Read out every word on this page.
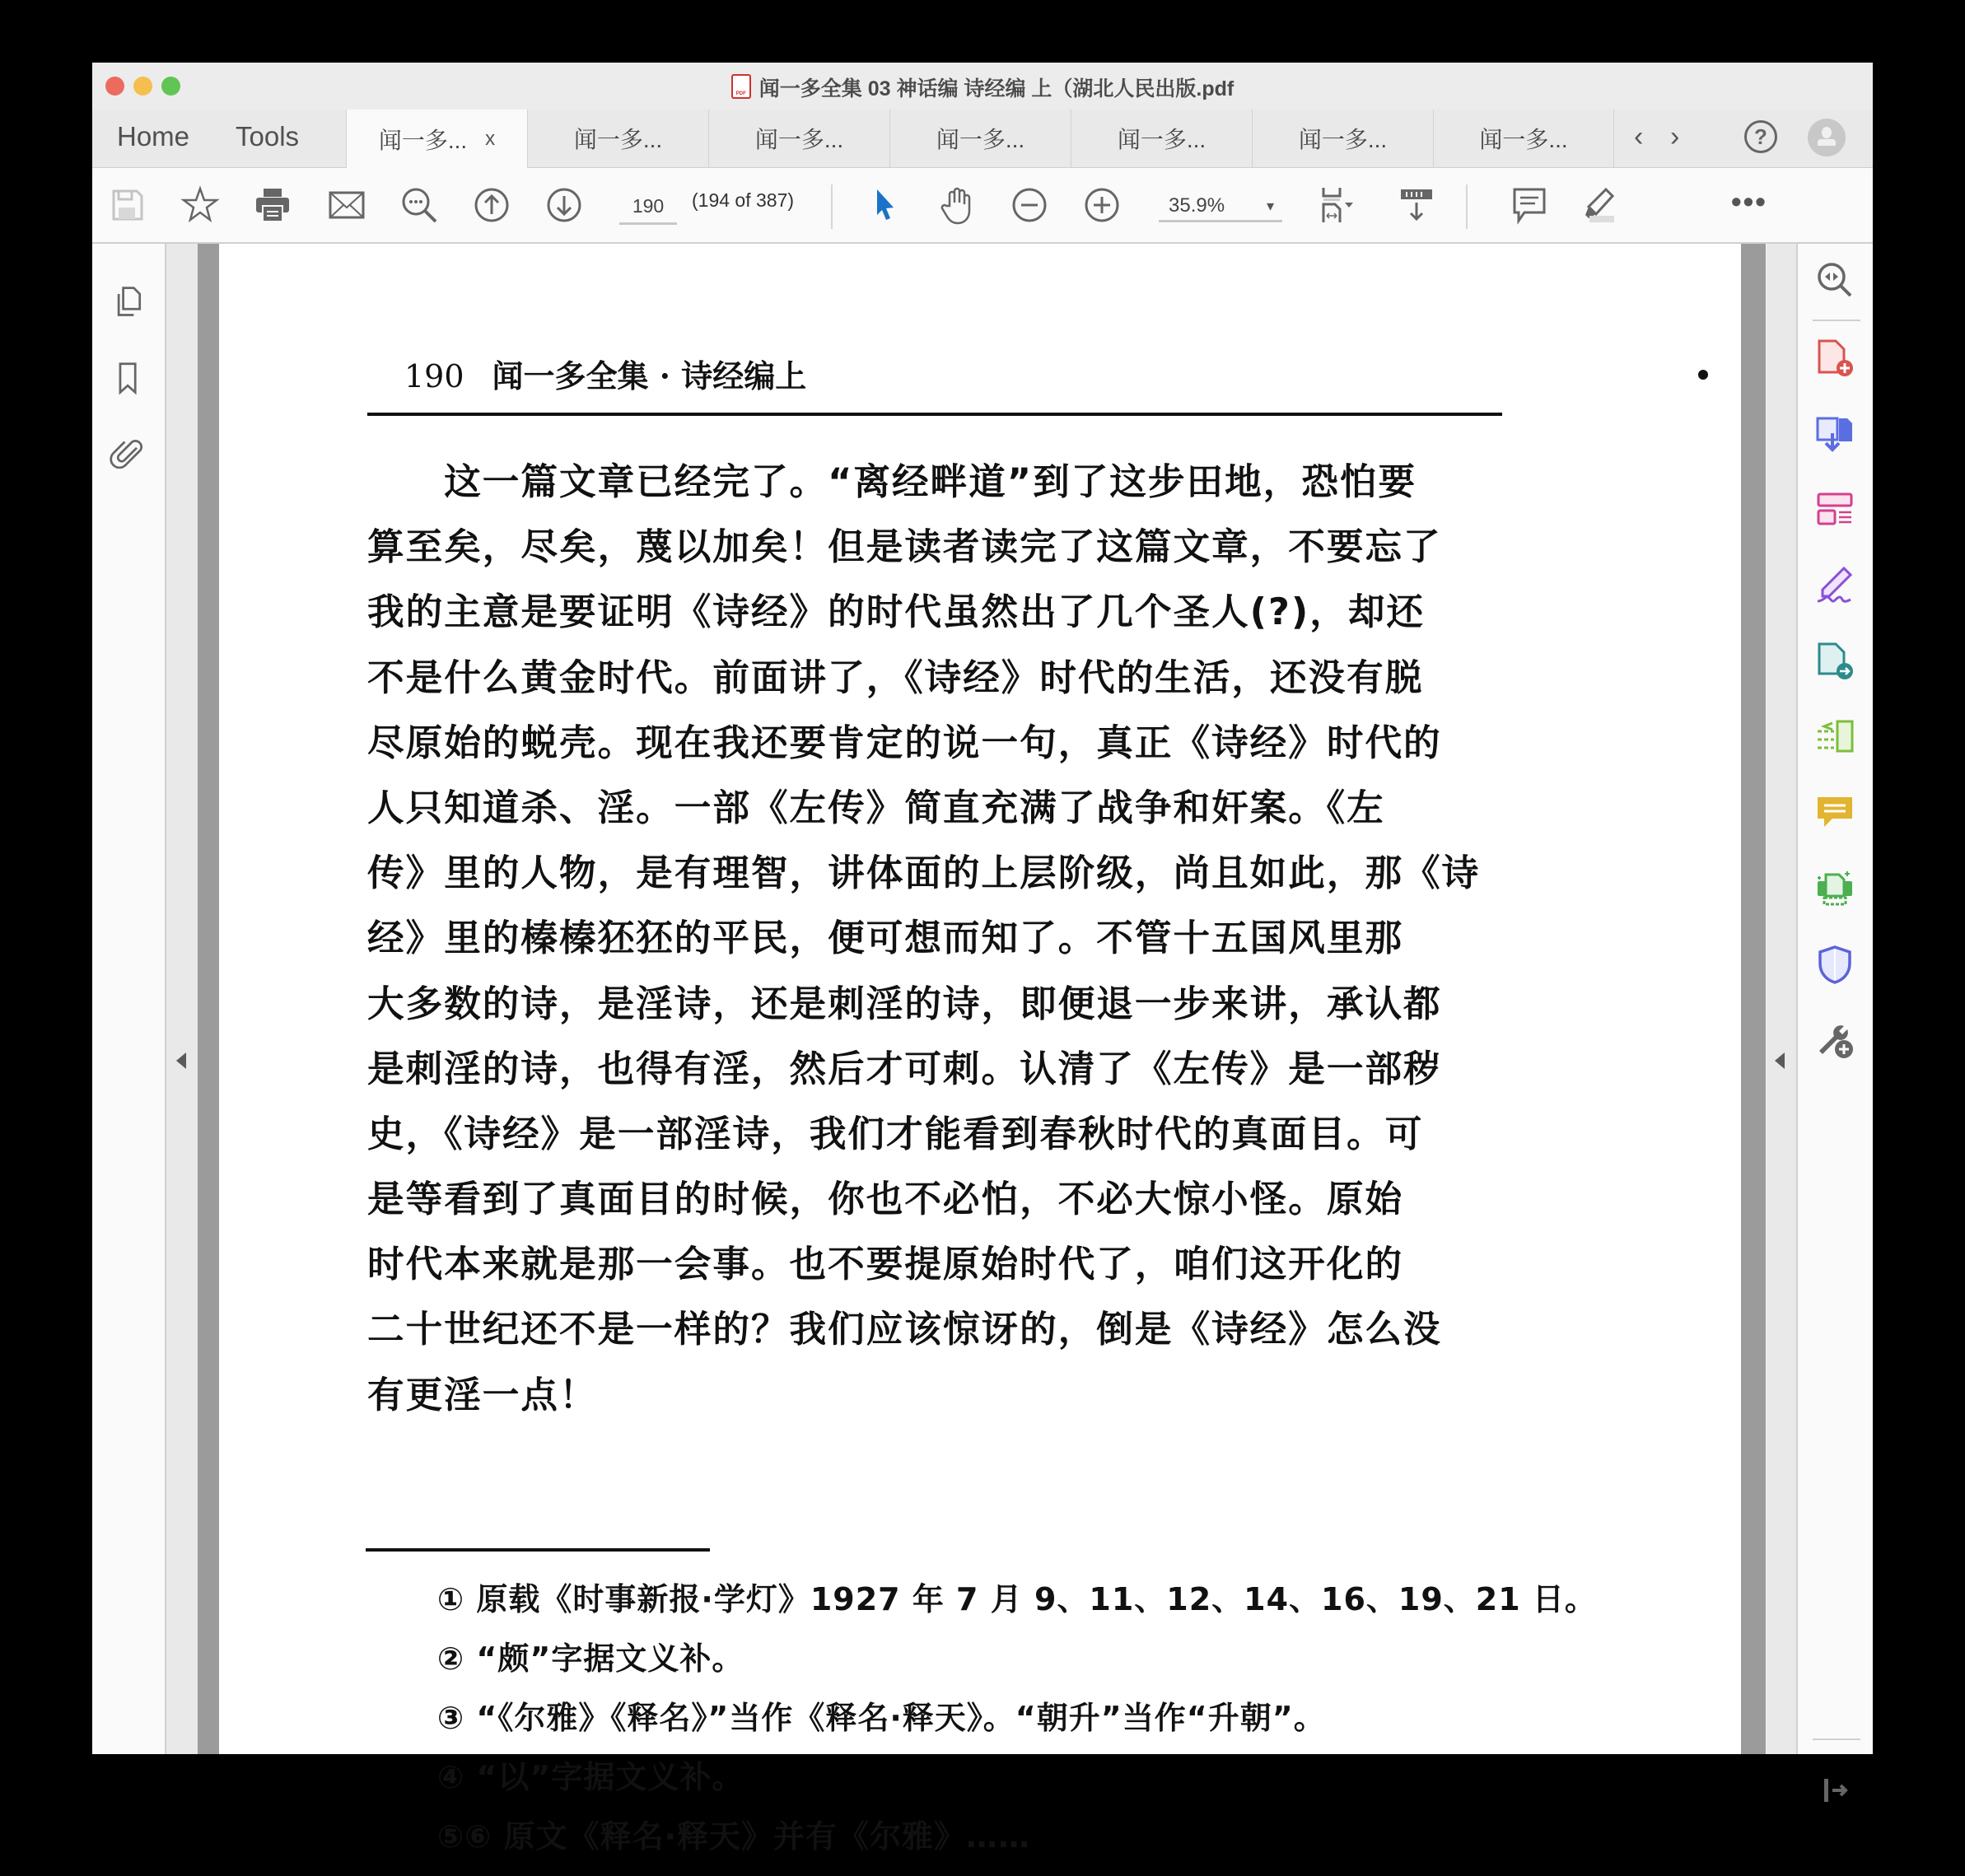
PDF闻一多全集 03 神话编 诗经编 上（湖北人民出版.pdf
Home Tools	闻一多... x	闻一多...	闻一多...	闻一多...	闻一多...	闻一多...	闻一多... ‹ ›	?
190	(194 of 387)	35.9%	▾	•••
190 闻一多全集 · 诗经编上
　　这一篇文章已经完了。“离经畔道”到了这步田地，恐怕要
算至矣，尽矣，蔑以加矣！但是读者读完了这篇文章，不要忘了
我的主意是要证明《诗经》的时代虽然出了几个圣人(?)，却还
不是什么黄金时代。前面讲了，《诗经》时代的生活，还没有脱
尽原始的蜕壳。现在我还要肯定的说一句，真正《诗经》时代的
人只知道杀、淫。一部《左传》简直充满了战争和奸案。《左
传》里的人物，是有理智，讲体面的上层阶级，尚且如此，那《诗
经》里的榛榛狉狉的平民，便可想而知了。不管十五国风里那
大多数的诗，是淫诗，还是刺淫的诗，即便退一步来讲，承认都
是刺淫的诗，也得有淫，然后才可刺。认清了《左传》是一部秽
史，《诗经》是一部淫诗，我们才能看到春秋时代的真面目。可
是等看到了真面目的时候，你也不必怕，不必大惊小怪。原始
时代本来就是那一会事。也不要提原始时代了，咱们这开化的
二十世纪还不是一样的？我们应该惊讶的，倒是《诗经》怎么没
有更淫一点！
① 原载《时事新报·学灯》1927 年 7 月 9、11、12、14、16、19、21 日。
② “颇”字据文义补。
③ “《尔雅》《释名》”当作《释名·释天》。“朝升”当作“升朝”。
④ “以”字据文义补。
⑤⑥ 原文《释名·释天》并有《尔雅》……
